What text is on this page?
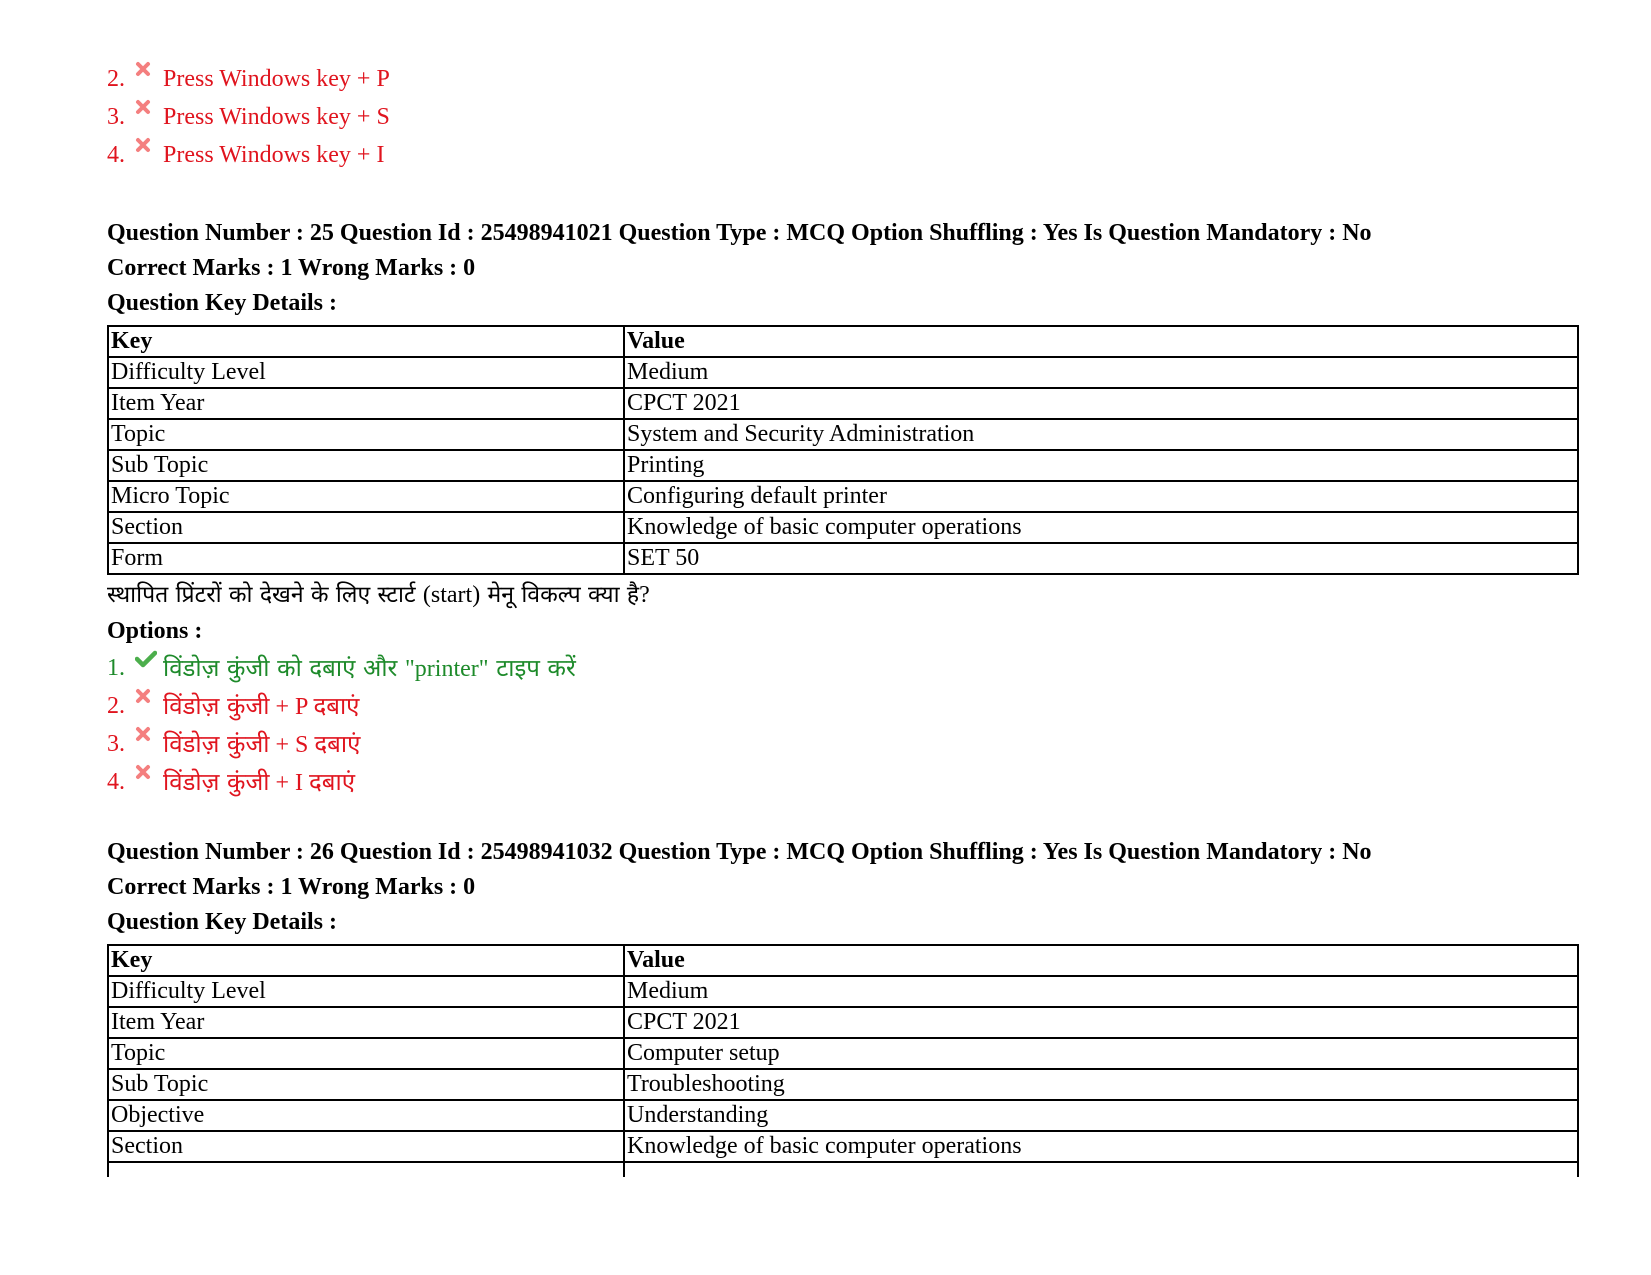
2.	Press Windows key + P
3.	Press Windows key + S
4.	Press Windows key + I
Question Number : 25 Question Id : 25498941021 Question Type : MCQ Option Shuffling : Yes Is Question Mandatory : No
Correct Marks : 1 Wrong Marks : 0
Question Key Details :
Key	Value
Difficulty Level	Medium
Item Year	CPCT 2021
Topic	System and Security Administration
Sub Topic	Printing
Micro Topic	Configuring default printer
Section	Knowledge of basic computer operations
Form	SET 50
स्थापित प्रिंटरों को देखने के लिए स्टार्ट (start) मेनू विकल्प क्या है?
Options :
1.	विंडोज़ कुंजी को दबाएं और "printer" टाइप करें
2.	विंडोज़ कुंजी + P दबाएं
3.	विंडोज़ कुंजी + S दबाएं
4.	विंडोज़ कुंजी + I दबाएं
Question Number : 26 Question Id : 25498941032 Question Type : MCQ Option Shuffling : Yes Is Question Mandatory : No
Correct Marks : 1 Wrong Marks : 0
Question Key Details :
Key	Value
Difficulty Level	Medium
Item Year	CPCT 2021
Topic	Computer setup
Sub Topic	Troubleshooting
Objective	Understanding
Section	Knowledge of basic computer operations
